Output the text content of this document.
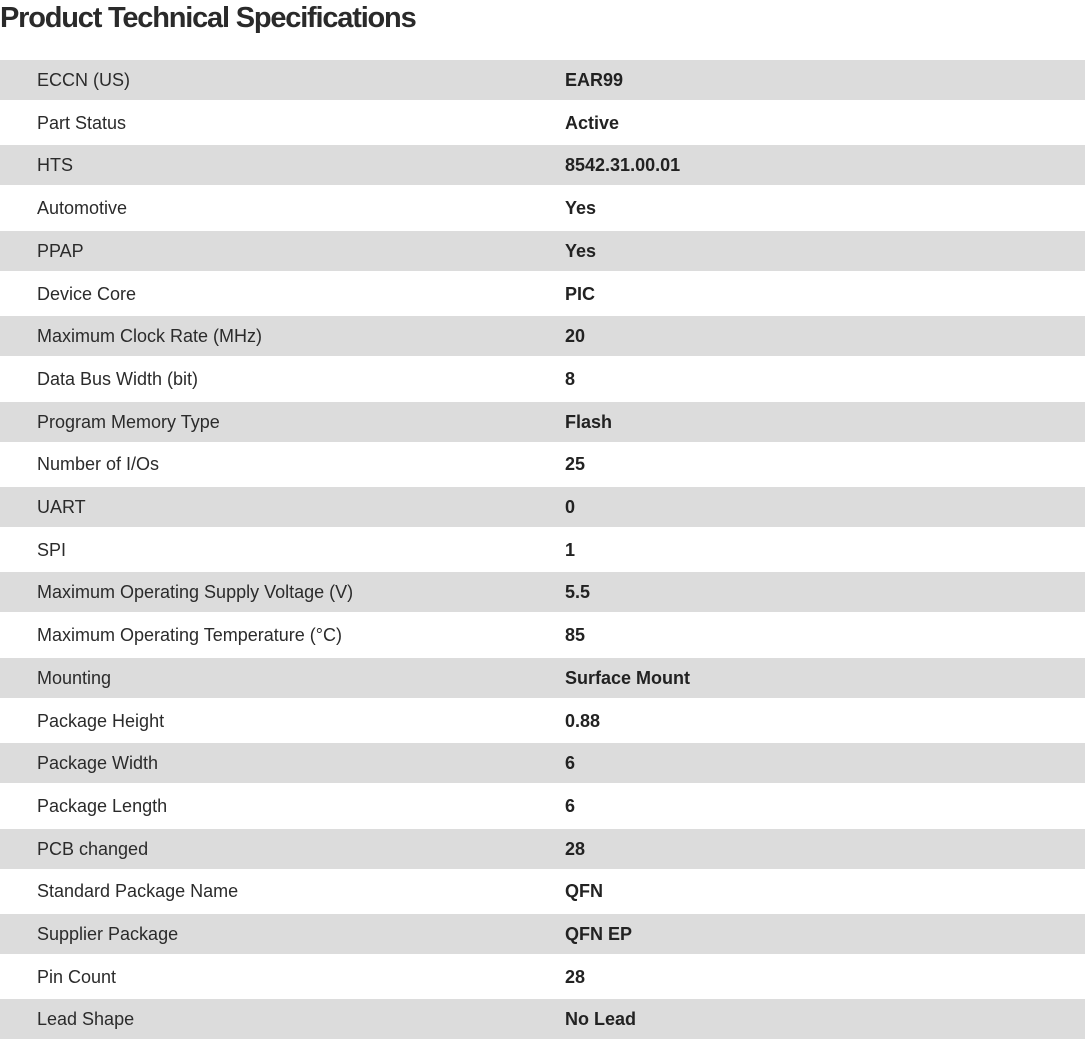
Product Technical Specifications
ECCN (US)	EAR99
Part Status	Active
HTS	8542.31.00.01
Automotive	Yes
PPAP	Yes
Device Core	PIC
Maximum Clock Rate (MHz)	20
Data Bus Width (bit)	8
Program Memory Type	Flash
Number of I/Os	25
UART	0
SPI	1
Maximum Operating Supply Voltage (V)	5.5
Maximum Operating Temperature (°C)	85
Mounting	Surface Mount
Package Height	0.88
Package Width	6
Package Length	6
PCB changed	28
Standard Package Name	QFN
Supplier Package	QFN EP
Pin Count	28
Lead Shape	No Lead
